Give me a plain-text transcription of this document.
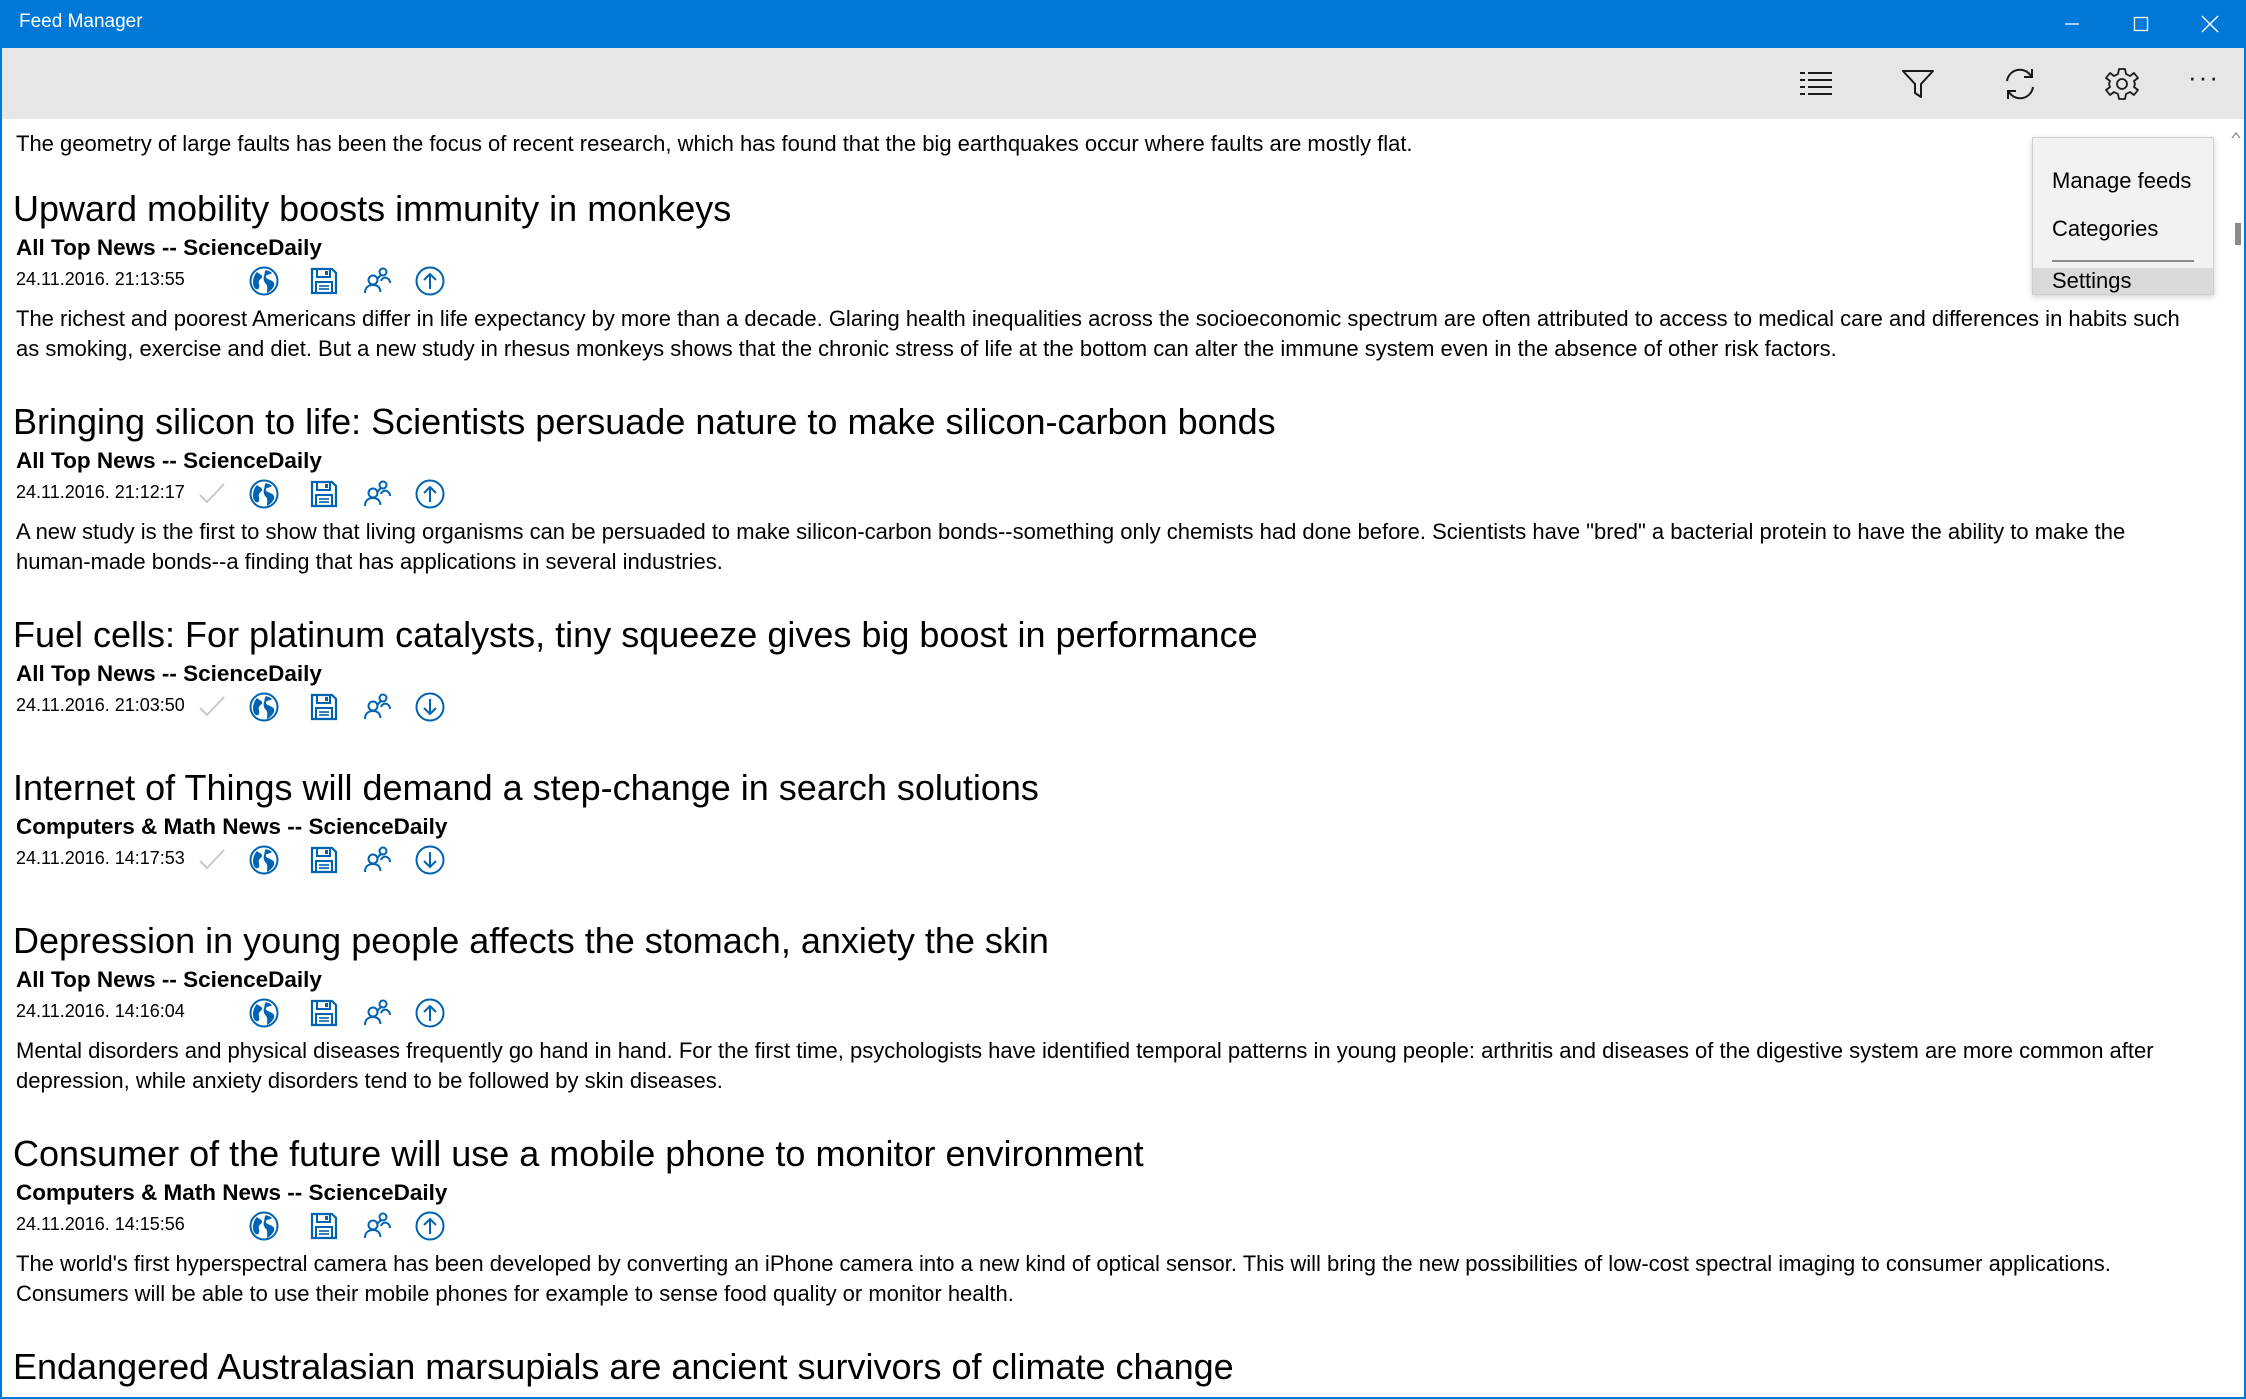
Feed Manager
···
The geometry of large faults has been the focus of recent research, which has found that the big earthquakes occur where faults are mostly flat.
Upward mobility boosts immunity in monkeys
All Top News -- ScienceDaily
24.11.2016. 21:13:55
The richest and poorest Americans differ in life expectancy by more than a decade. Glaring health inequalities across the socioeconomic spectrum are often attributed to access to medical care and differences in habits such
as smoking, exercise and diet. But a new study in rhesus monkeys shows that the chronic stress of life at the bottom can alter the immune system even in the absence of other risk factors.
Bringing silicon to life: Scientists persuade nature to make silicon-carbon bonds
All Top News -- ScienceDaily
24.11.2016. 21:12:17
A new study is the first to show that living organisms can be persuaded to make silicon-carbon bonds--something only chemists had done before. Scientists have "bred" a bacterial protein to have the ability to make the
human-made bonds--a finding that has applications in several industries.
Fuel cells: For platinum catalysts, tiny squeeze gives big boost in performance
All Top News -- ScienceDaily
24.11.2016. 21:03:50
Internet of Things will demand a step-change in search solutions
Computers & Math News -- ScienceDaily
24.11.2016. 14:17:53
Depression in young people affects the stomach, anxiety the skin
All Top News -- ScienceDaily
24.11.2016. 14:16:04
Mental disorders and physical diseases frequently go hand in hand. For the first time, psychologists have identified temporal patterns in young people: arthritis and diseases of the digestive system are more common after
depression, while anxiety disorders tend to be followed by skin diseases.
Consumer of the future will use a mobile phone to monitor environment
Computers & Math News -- ScienceDaily
24.11.2016. 14:15:56
The world's first hyperspectral camera has been developed by converting an iPhone camera into a new kind of optical sensor. This will bring the new possibilities of low-cost spectral imaging to consumer applications.
Consumers will be able to use their mobile phones for example to sense food quality or monitor health.
Endangered Australasian marsupials are ancient survivors of climate change
Manage feeds
Categories
Settings
